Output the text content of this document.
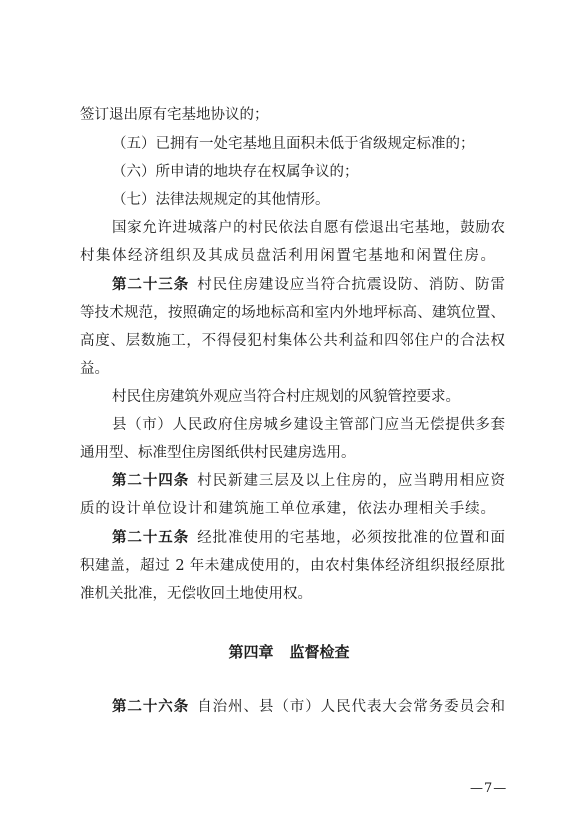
签订退出原有宅基地协议的；
（五）已拥有一处宅基地且面积未低于省级规定标准的；
（六）所申请的地块存在权属争议的；
（七）法律法规规定的其他情形。
国家允许进城落户的村民依法自愿有偿退出宅基地，鼓励农
村集体经济组织及其成员盘活利用闲置宅基地和闲置住房。
第二十三条 村民住房建设应当符合抗震设防、消防、防雷
等技术规范，按照确定的场地标高和室内外地坪标高、建筑位置、
高度、层数施工，不得侵犯村集体公共利益和四邻住户的合法权
益。
村民住房建筑外观应当符合村庄规划的风貌管控要求。
县（市）人民政府住房城乡建设主管部门应当无偿提供多套
通用型、标准型住房图纸供村民建房选用。
第二十四条 村民新建三层及以上住房的，应当聘用相应资
质的设计单位设计和建筑施工单位承建，依法办理相关手续。
第二十五条 经批准使用的宅基地，必须按批准的位置和面
积建盖，超过 2 年未建成使用的，由农村集体经济组织报经原批
准机关批准，无偿收回土地使用权。
第四章 监督检查
第二十六条 自治州、县（市）人民代表大会常务委员会和
—7—
